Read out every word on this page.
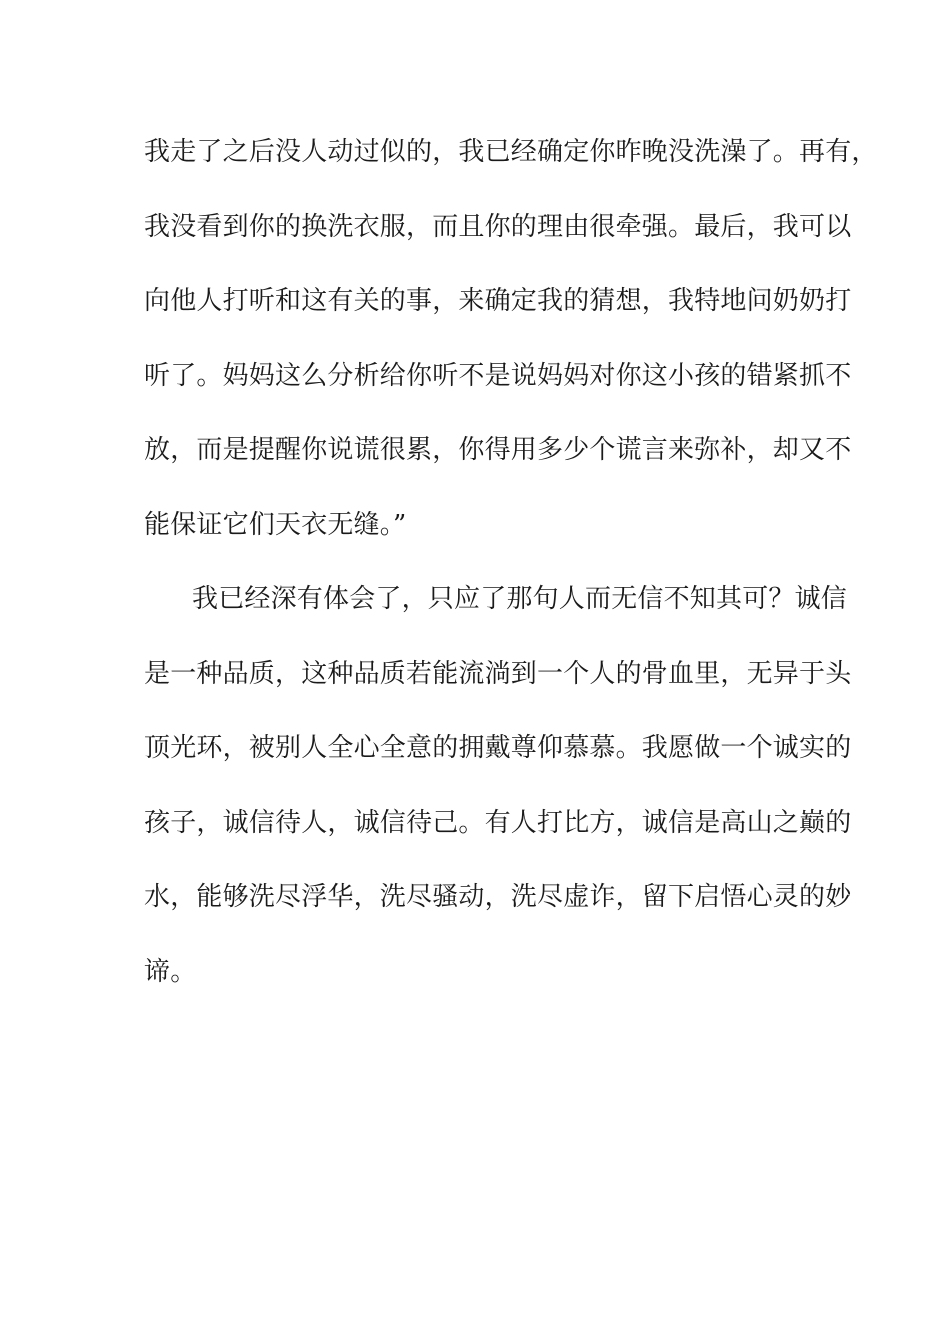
我走了之后没人动过似的，我已经确定你昨晚没洗澡了。再有，
我没看到你的换洗衣服，而且你的理由很牵强。最后，我可以
向他人打听和这有关的事，来确定我的猜想，我特地问奶奶打
听了。妈妈这么分析给你听不是说妈妈对你这小孩的错紧抓不
放，而是提醒你说谎很累，你得用多少个谎言来弥补，却又不
能保证它们天衣无缝。”
我已经深有体会了，只应了那句人而无信不知其可？诚信
是一种品质，这种品质若能流淌到一个人的骨血里，无异于头
顶光环，被别人全心全意的拥戴尊仰慕慕。我愿做一个诚实的
孩子，诚信待人，诚信待己。有人打比方，诚信是高山之巅的
水，能够洗尽浮华，洗尽骚动，洗尽虚诈，留下启悟心灵的妙
谛。
